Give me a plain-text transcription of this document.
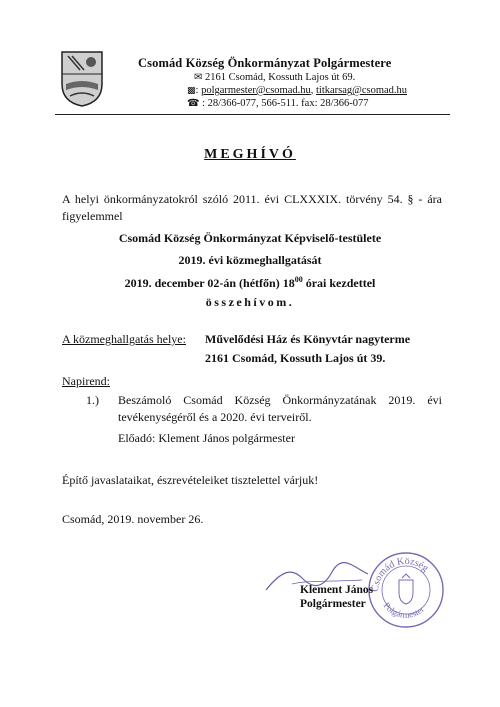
Csomád Község Önkormányzat Polgármestere
✉ 2161 Csomád, Kossuth Lajos út 69.
▩: polgarmester@csomad.hu, titkarsag@csomad.hu
☎ : 28/366-077, 566-511. fax: 28/366-077
MEGHÍVÓ
A helyi önkormányzatokról szóló 2011. évi CLXXXIX. törvény 54. § - ára
figyelemmel
Csomád Község Önkormányzat Képviselő-testülete
2019. évi közmeghallgatását
2019. december 02-án (hétfőn) $18^{00}$ órai kezdettel
összehívom.
A közmeghallgatás helye: Művelődési Ház és Könyvtár nagyterme
2161 Csomád, Kossuth Lajos út 39.
Napirend:
1.) Beszámoló Csomád Község Önkormányzatának 2019. évi
tevékenységéről és a 2020. évi terveiről.
Előadó: Klement János polgármester
Építő javaslataikat, észrevételeiket tisztelettel várjuk!
Csomád, 2019. november 26.
Csomád Község
Polgármester
Klement János
Polgármester
